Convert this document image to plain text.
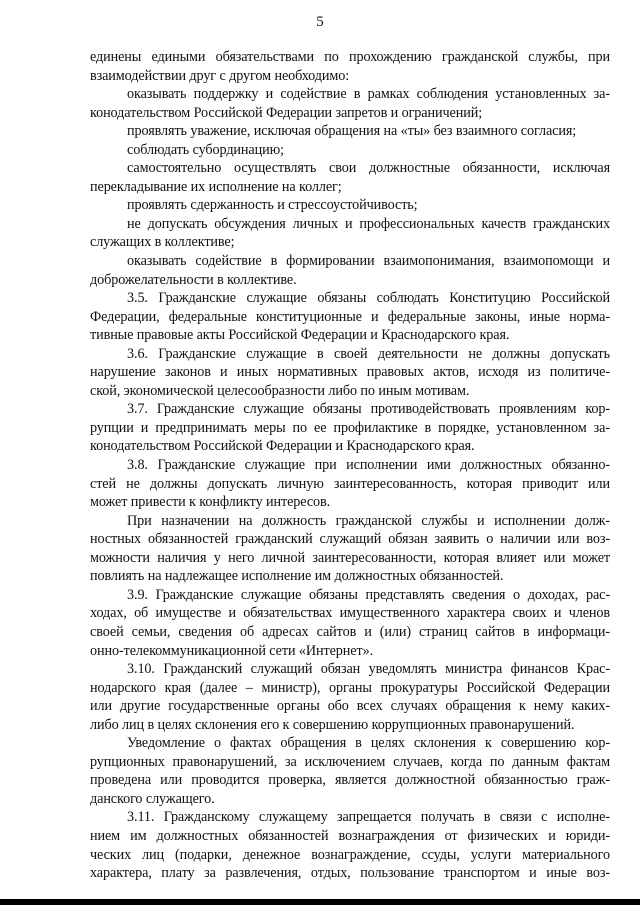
5
единены едиными обязательствами по прохождению гражданской службы, при
взаимодействии друг с другом необходимо:
оказывать поддержку и содействие в рамках соблюдения установленных за-
конодательством Российской Федерации запретов и ограничений;
проявлять уважение, исключая обращения на «ты» без взаимного согласия;
соблюдать субординацию;
самостоятельно осуществлять свои должностные обязанности, исключая
перекладывание их исполнение на коллег;
проявлять сдержанность и стрессоустойчивость;
не допускать обсуждения личных и профессиональных качеств гражданских
служащих в коллективе;
оказывать содействие в формировании взаимопонимания, взаимопомощи и
доброжелательности в коллективе.
3.5. Гражданские служащие обязаны соблюдать Конституцию Российской
Федерации, федеральные конституционные и федеральные законы, иные норма-
тивные правовые акты Российской Федерации и Краснодарского края.
3.6. Гражданские служащие в своей деятельности не должны допускать
нарушение законов и иных нормативных правовых актов, исходя из политиче-
ской, экономической целесообразности либо по иным мотивам.
3.7. Гражданские служащие обязаны противодействовать проявлениям кор-
рупции и предпринимать меры по ее профилактике в порядке, установленном за-
конодательством Российской Федерации и Краснодарского края.
3.8. Гражданские служащие при исполнении ими должностных обязанно-
стей не должны допускать личную заинтересованность, которая приводит или
может привести к конфликту интересов.
При назначении на должность гражданской службы и исполнении долж-
ностных обязанностей гражданский служащий обязан заявить о наличии или воз-
можности наличия у него личной заинтересованности, которая влияет или может
повлиять на надлежащее исполнение им должностных обязанностей.
3.9. Гражданские служащие обязаны представлять сведения о доходах, рас-
ходах, об имуществе и обязательствах имущественного характера своих и членов
своей семьи, сведения об адресах сайтов и (или) страниц сайтов в информаци-
онно-телекоммуникационной сети «Интернет».
3.10. Гражданский служащий обязан уведомлять министра финансов Крас-
нодарского края (далее – министр), органы прокуратуры Российской Федерации
или другие государственные органы обо всех случаях обращения к нему каких-
либо лиц в целях склонения его к совершению коррупционных правонарушений.
Уведомление о фактах обращения в целях склонения к совершению кор-
рупционных правонарушений, за исключением случаев, когда по данным фактам
проведена или проводится проверка, является должностной обязанностью граж-
данского служащего.
3.11. Гражданскому служащему запрещается получать в связи с исполне-
нием им должностных обязанностей вознаграждения от физических и юриди-
ческих лиц (подарки, денежное вознаграждение, ссуды, услуги материального
характера, плату за развлечения, отдых, пользование транспортом и иные воз-
